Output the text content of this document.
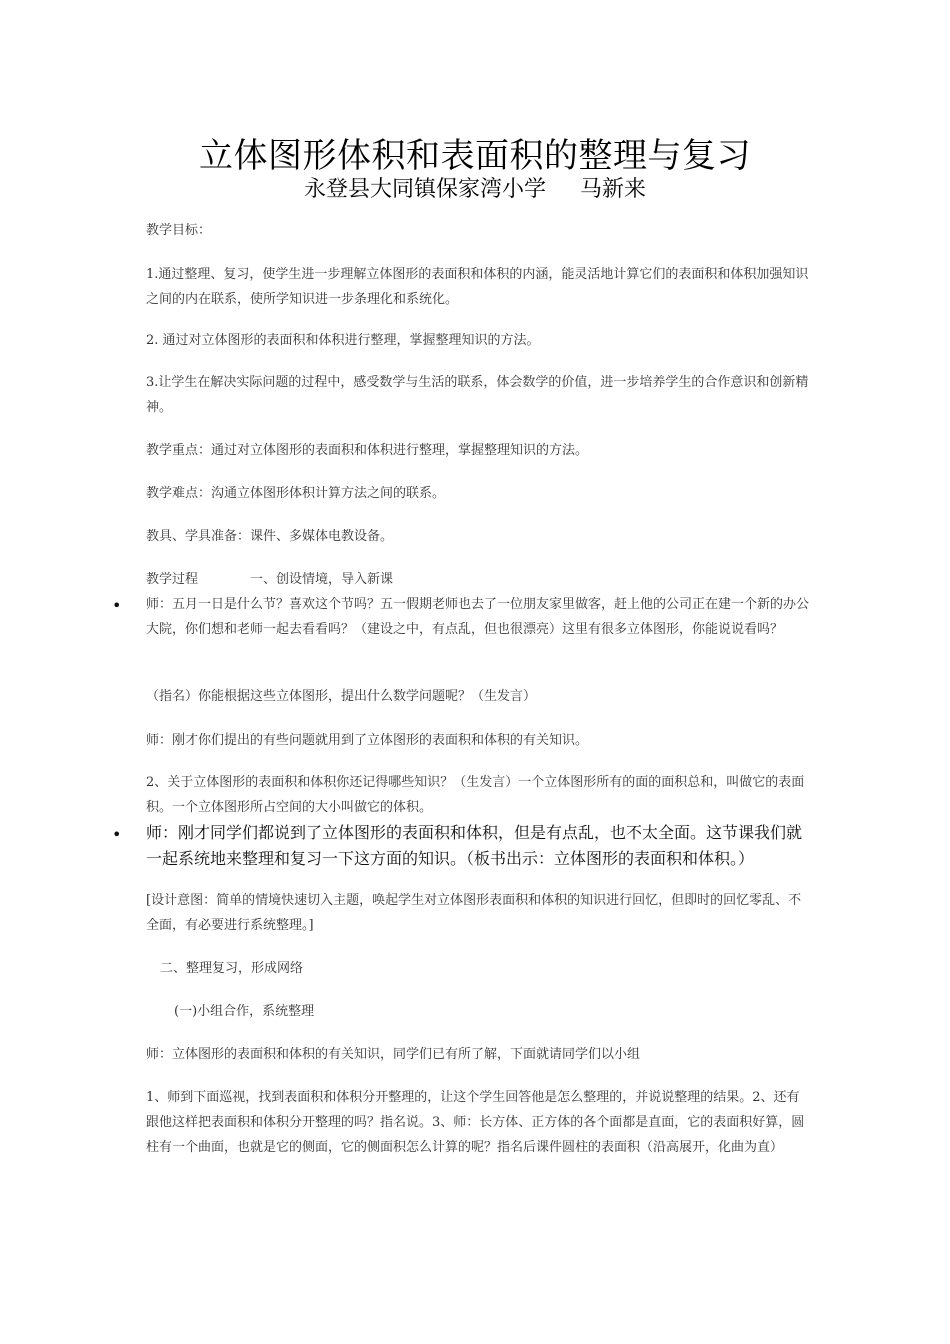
立体图形体积和表面积的整理与复习
永登县大同镇保家湾小学 马新来
教学目标：
1.通过整理、复习，使学生进一步理解立体图形的表面积和体积的内涵，能灵活地计算它们的表面积和体积加强知识之间的内在联系，使所学知识进一步条理化和系统化。
2. 通过对立体图形的表面积和体积进行整理，掌握整理知识的方法。
3.让学生在解决实际问题的过程中，感受数学与生活的联系，体会数学的价值，进一步培养学生的合作意识和创新精神。
教学重点：通过对立体图形的表面积和体积进行整理，掌握整理知识的方法。
教学难点：沟通立体图形体积计算方法之间的联系。
教具、学具准备：课件、多媒体电教设备。
教学过程	一、创设情境，导入新课
• 师：五月一日是什么节？喜欢这个节吗？五一假期老师也去了一位朋友家里做客，赶上他的公司正在建一个新的办公大院，你们想和老师一起去看看吗？（建设之中，有点乱，但也很漂亮）这里有很多立体图形，你能说说看吗？
（指名）你能根据这些立体图形，提出什么数学问题呢？（生发言）
师：刚才你们提出的有些问题就用到了立体图形的表面积和体积的有关知识。
2、关于立体图形的表面积和体积你还记得哪些知识？（生发言）一个立体图形所有的面的面积总和，叫做它的表面积。一个立体图形所占空间的大小叫做它的体积。
• 师：刚才同学们都说到了立体图形的表面积和体积，但是有点乱，也不太全面。这节课我们就一起系统地来整理和复习一下这方面的知识。（板书出示：立体图形的表面积和体积。）
[设计意图：简单的情境快速切入主题，唤起学生对立体图形表面积和体积的知识进行回忆，但即时的回忆零乱、不全面，有必要进行系统整理。]
二、整理复习，形成网络
(一)小组合作，系统整理
师：立体图形的表面积和体积的有关知识，同学们已有所了解，下面就请同学们以小组
1、师到下面巡视，找到表面积和体积分开整理的，让这个学生回答他是怎么整理的，并说说整理的结果。2、还有跟他这样把表面积和体积分开整理的吗？指名说。3、师：长方体、正方体的各个面都是直面，它的表面积好算，圆柱有一个曲面，也就是它的侧面，它的侧面积怎么计算的呢？指名后课件圆柱的表面积（沿高展开，化曲为直）
